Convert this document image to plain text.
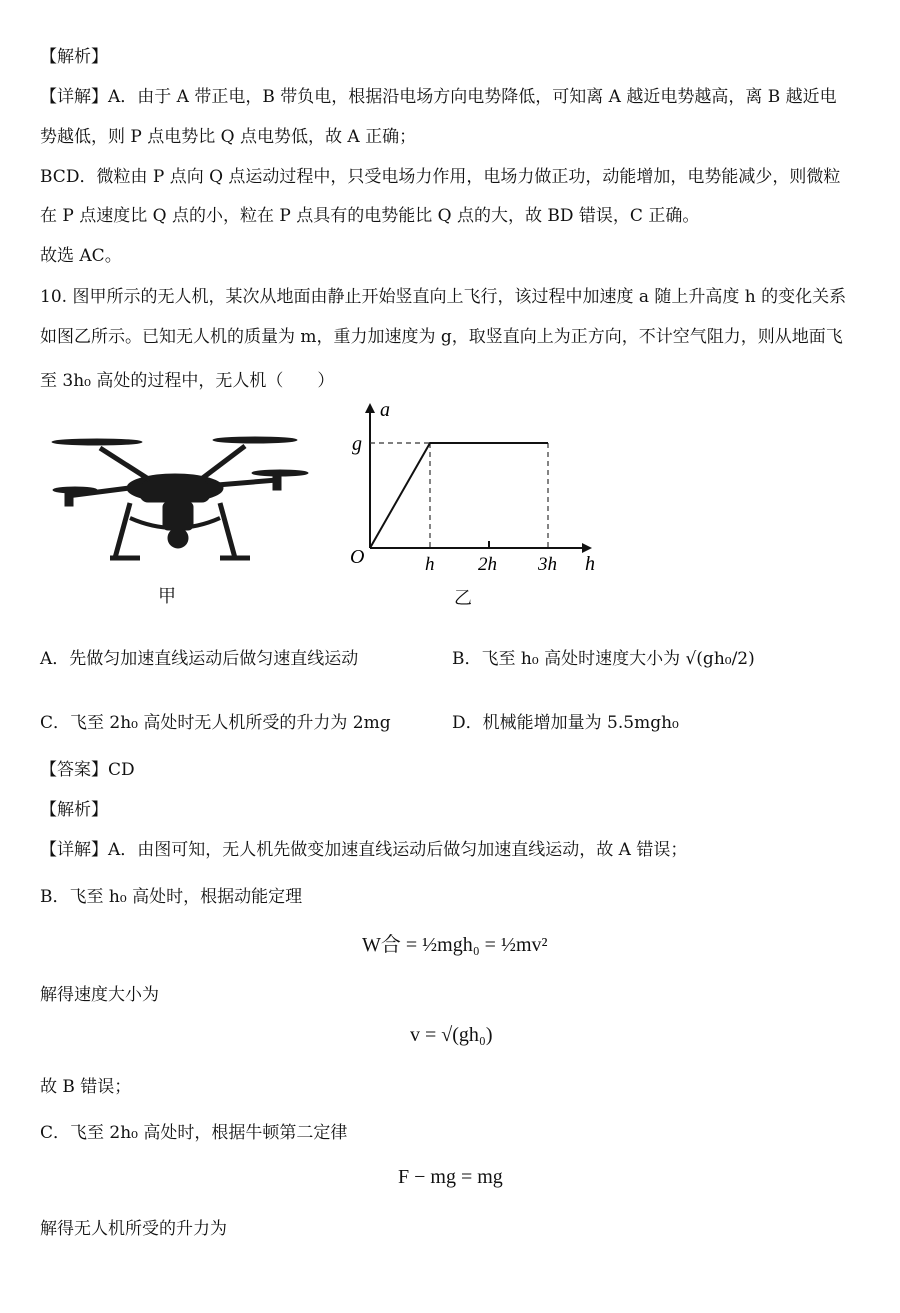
【解析】
【详解】A．由于 A 带正电，B 带负电，根据沿电场方向电势降低，可知离 A 越近电势越高，离 B 越近电
势越低，则 P 点电势比 Q 点电势低，故 A 正确；
BCD．微粒由 P 点向 Q 点运动过程中，只受电场力作用，电场力做正功，动能增加，电势能减少，则微粒
在 P 点速度比 Q 点的小，粒在 P 点具有的电势能比 Q 点的大，故 BD 错误，C 正确。
故选 AC。
10. 图甲所示的无人机，某次从地面由静止开始竖直向上飞行，该过程中加速度 a 随上升高度 h 的变化关系
如图乙所示。已知无人机的质量为 m，重力加速度为 g，取竖直向上为正方向，不计空气阻力，则从地面飞
至 3h₀ 高处的过程中，无人机（　　）
甲
a
g
O	h 2h 3h h
乙
A．先做匀加速直线运动后做匀速直线运动	B．飞至 h₀ 高处时速度大小为 √(gh₀/2)
C．飞至 2h₀ 高处时无人机所受的升力为 2mg	D．机械能增加量为 5.5mgh₀
【答案】CD
【解析】
【详解】A．由图可知，无人机先做变加速直线运动后做匀加速直线运动，故 A 错误；
B．飞至 h₀ 高处时，根据动能定理
W合 = ½mgh₀ = ½mv²
解得速度大小为
v = √(gh₀)
故 B 错误；
C．飞至 2h₀ 高处时，根据牛顿第二定律
F − mg = mg
解得无人机所受的升力为
